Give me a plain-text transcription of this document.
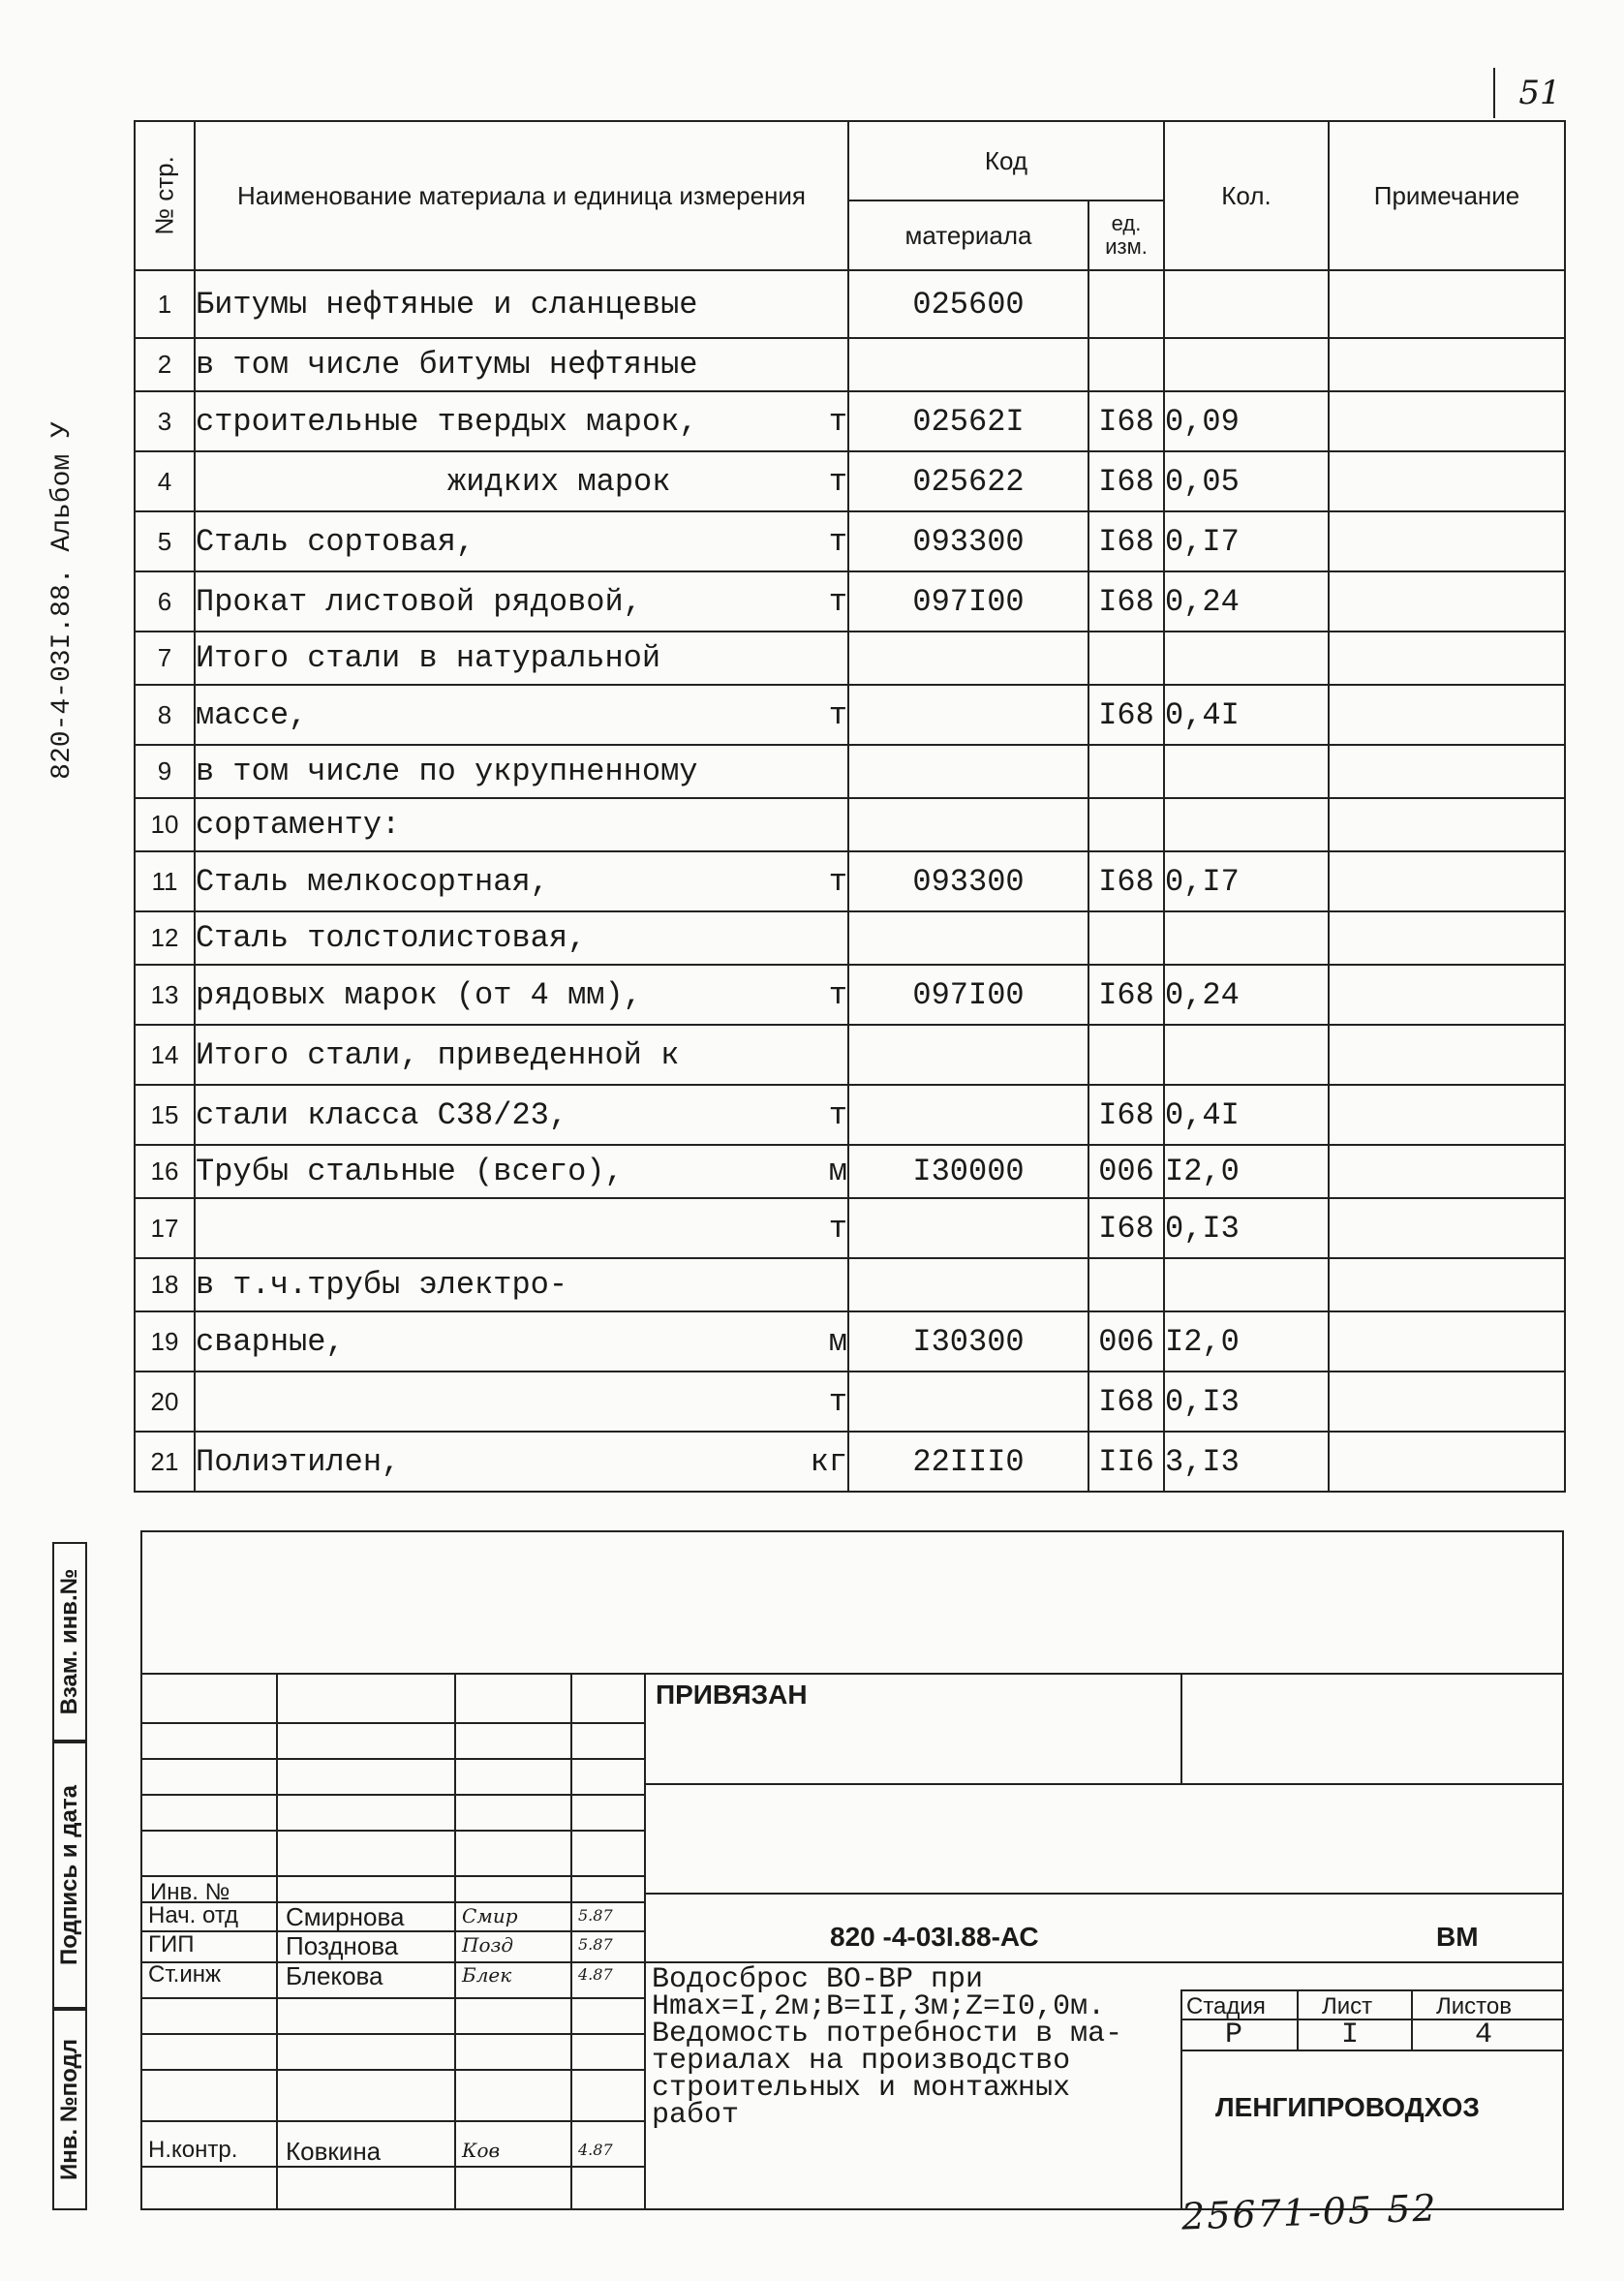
51
820-4-03I.88. Альбом У
Взам. инв.№
Подпись и дата
Инв. №подл
№ стр.	Наименование материала и единица измерения	Код		Кол.	Примечание
		материала	ед. изм.		
1	Битумы нефтяные и сланцевые	025600			
2	в том числе битумы нефтяные				

3	строительные твердых марок, т	02562I	I68	0,09	
4	жидких марок т	025622	I68	0,05	
5	Сталь сортовая, т	093300	I68	0,I7	
6	Прокат листовой рядовой, т	097I00	I68	0,24	
7	Итого стали в натуральной				

8	массе, т		I68	0,4I	
9	в том числе по укрупненному				

10	сортаменту:				

11	Сталь мелкосортная, т	093300	I68	0,I7	
12	Сталь толстолистовая,				

13	рядовых марок (от 4 мм), т	097I00	I68	0,24	
14	Итого стали, приведенной к				

15	стали класса С38/23, т		I68	0,4I	
16	Трубы стальные (всего), м	I30000	006	I2,0	
17	т		I68	0,I3	
18	в т.ч.трубы электро-				

19	сварные, м	I30300	006	I2,0	
20	т		I68	0,I3	
21	Полиэтилен, кг	22III0	II6	3,I3	
ПРИВЯЗАН
Инв. №
Нач. отд Смирнова	Смир	5.87
ГИП	Позднова	Позд	5.87
Ст.инж	Блекова	Блек	4.87
Н.контр. Ковкина	Ков	4.87
820 -4-03I.88-АС	ВМ
Водосброс ВО-ВР при
Hmax=I,2м;B=II,3м;Z=I0,0м.
Ведомость потребности в ма-
териалах на производство
строительных и монтажных
работ
Стадия Лист	Листов
Р	I	4
ЛЕНГИПРОВОДХОЗ
25671-05 52
